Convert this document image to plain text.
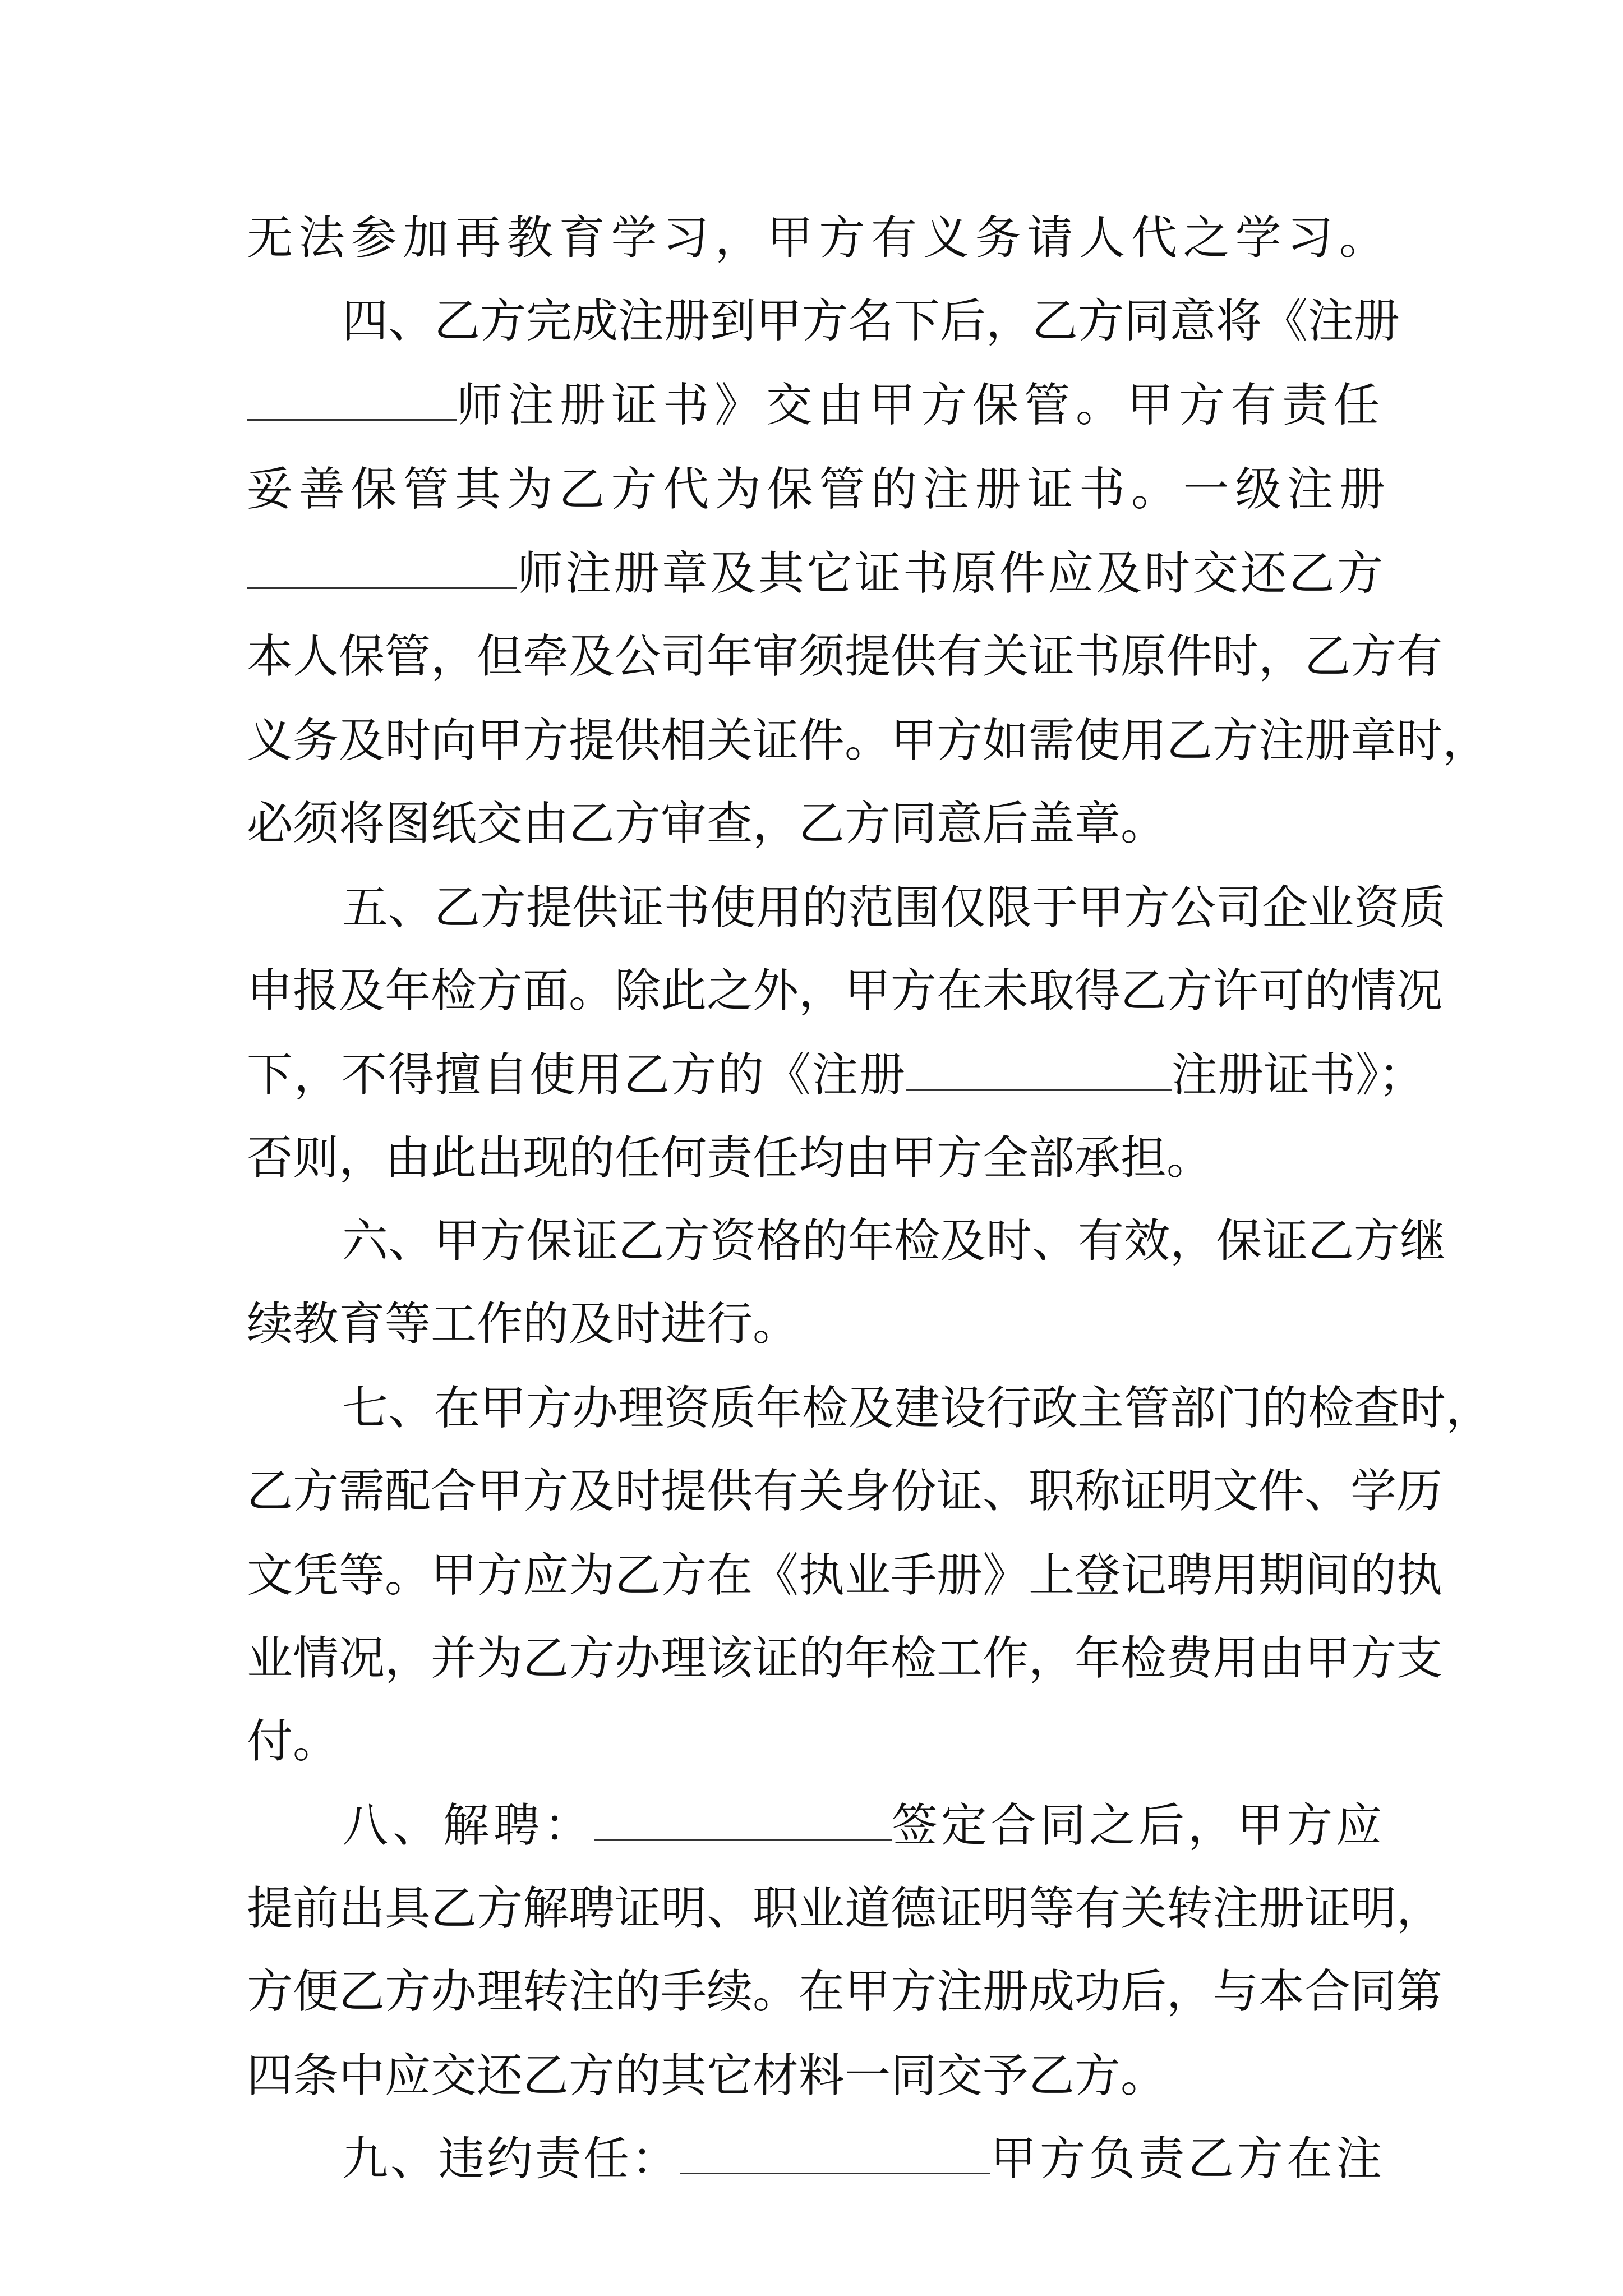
无法参加再教育学习，甲方有义务请人代之学习。
四、乙方完成注册到甲方名下后，乙方同意将《注册
师注册证书》交由甲方保管。甲方有责任
妥善保管其为乙方代为保管的注册证书。一级注册
师注册章及其它证书原件应及时交还乙方
本人保管，但牵及公司年审须提供有关证书原件时，乙方有
义务及时向甲方提供相关证件。甲方如需使用乙方注册章时，
必须将图纸交由乙方审查，乙方同意后盖章。
五、乙方提供证书使用的范围仅限于甲方公司企业资质
申报及年检方面。除此之外，甲方在未取得乙方许可的情况
下，不得擅自使用乙方的《注册	注册证书》；
否则，由此出现的任何责任均由甲方全部承担。
六、甲方保证乙方资格的年检及时、有效，保证乙方继
续教育等工作的及时进行。
七、在甲方办理资质年检及建设行政主管部门的检查时，
乙方需配合甲方及时提供有关身份证、职称证明文件、学历
文凭等。甲方应为乙方在《执业手册》上登记聘用期间的执
业情况，并为乙方办理该证的年检工作，年检费用由甲方支
付。
八、解聘：	签定合同之后，甲方应
提前出具乙方解聘证明、职业道德证明等有关转注册证明，
方便乙方办理转注的手续。在甲方注册成功后，与本合同第
四条中应交还乙方的其它材料一同交予乙方。
九、违约责任：	甲方负责乙方在注
